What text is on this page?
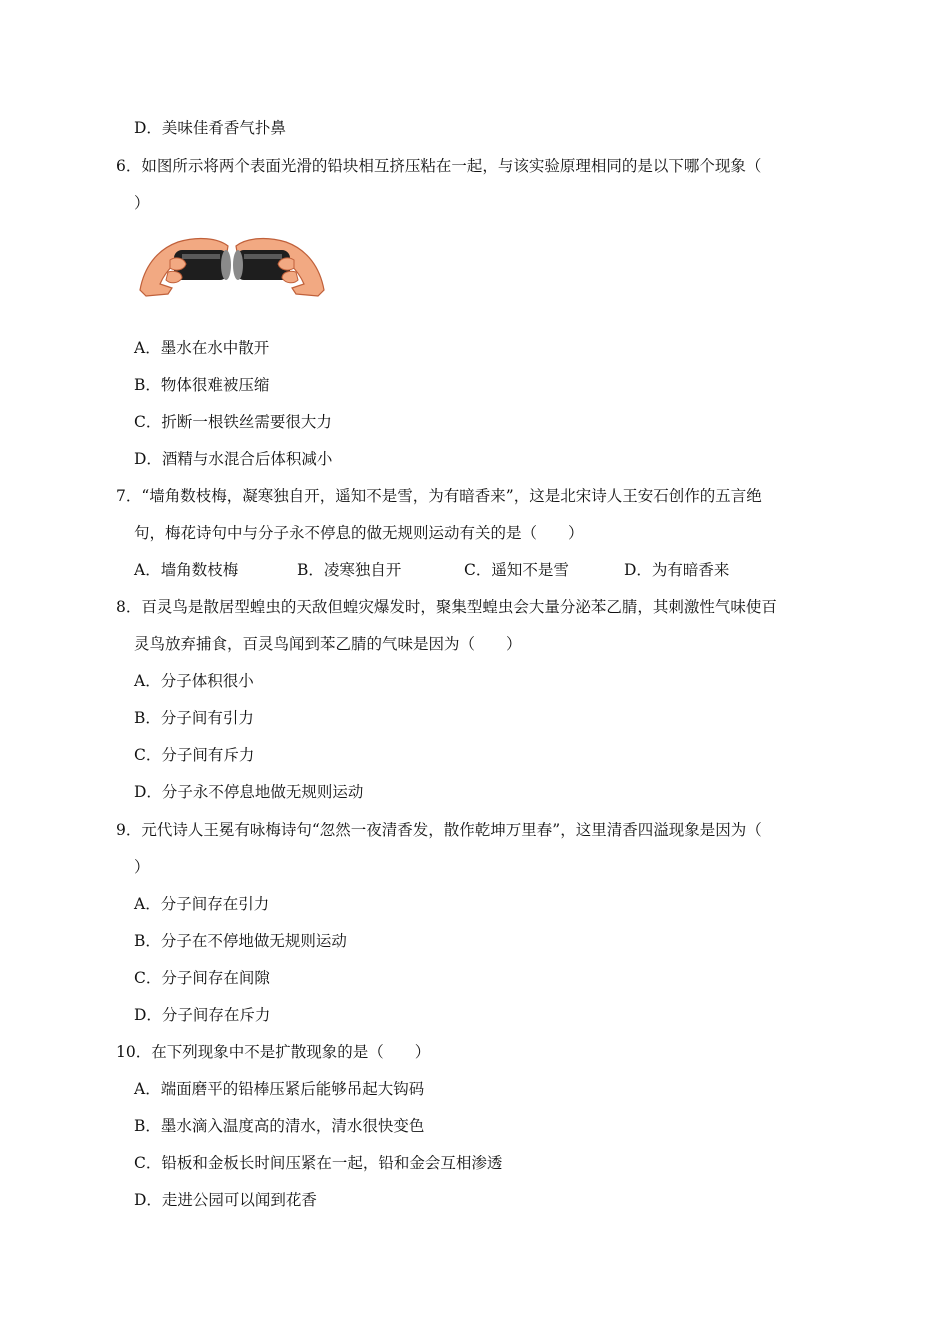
D．美味佳肴香气扑鼻
6．如图所示将两个表面光滑的铅块相互挤压粘在一起，与该实验原理相同的是以下哪个现象（
）
A．墨水在水中散开
B．物体很难被压缩
C．折断一根铁丝需要很大力
D．酒精与水混合后体积减小
7．“墙角数枝梅，凝寒独自开，遥知不是雪，为有暗香来”，这是北宋诗人王安石创作的五言绝
句，梅花诗句中与分子永不停息的做无规则运动有关的是（　　）
A．墙角数枝梅	B．凌寒独自开	C．遥知不是雪	D．为有暗香来
8．百灵鸟是散居型蝗虫的天敌但蝗灾爆发时，聚集型蝗虫会大量分泌苯乙腈，其刺激性气味使百
灵鸟放弃捕食，百灵鸟闻到苯乙腈的气味是因为（　　）
A．分子体积很小
B．分子间有引力
C．分子间有斥力
D．分子永不停息地做无规则运动
9．元代诗人王冕有咏梅诗句“忽然一夜清香发，散作乾坤万里春”，这里清香四溢现象是因为（
）
A．分子间存在引力
B．分子在不停地做无规则运动
C．分子间存在间隙
D．分子间存在斥力
10．在下列现象中不是扩散现象的是（　　）
A．端面磨平的铅棒压紧后能够吊起大钩码
B．墨水滴入温度高的清水，清水很快变色
C．铅板和金板长时间压紧在一起，铅和金会互相渗透
D．走进公园可以闻到花香
